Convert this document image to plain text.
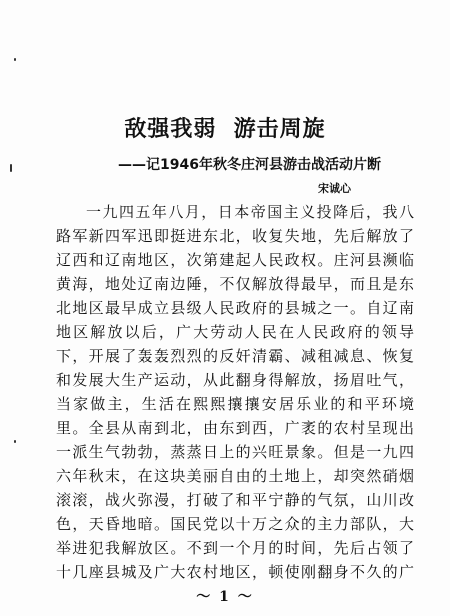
敌强我弱  游击周旋
——记1946年秋冬庄河县游击战活动片断
宋诚心
一九四五年八月，日本帝国主义投降后，我八
路军新四军迅即挺进东北，收复失地，先后解放了
辽西和辽南地区，次第建起人民政权。庄河县濒临
黄海，地处辽南边陲，不仅解放得最早，而且是东
北地区最早成立县级人民政府的县城之一。自辽南
地区解放以后，广大劳动人民在人民政府的领导
下，开展了轰轰烈烈的反奸清霸、减租减息、恢复
和发展大生产运动，从此翻身得解放，扬眉吐气，
当家做主，生活在熙熙攘攘安居乐业的和平环境
里。全县从南到北，由东到西，广袤的农村呈现出
一派生气勃勃，蒸蒸日上的兴旺景象。但是一九四
六年秋末，在这块美丽自由的土地上，却突然硝烟
滚滚，战火弥漫，打破了和平宁静的气氛，山川改
色，天昏地暗。国民党以十万之众的主力部队，大
举进犯我解放区。不到一个月的时间，先后占领了
十几座县城及广大农村地区，顿使刚翻身不久的广
～ 1 ～
